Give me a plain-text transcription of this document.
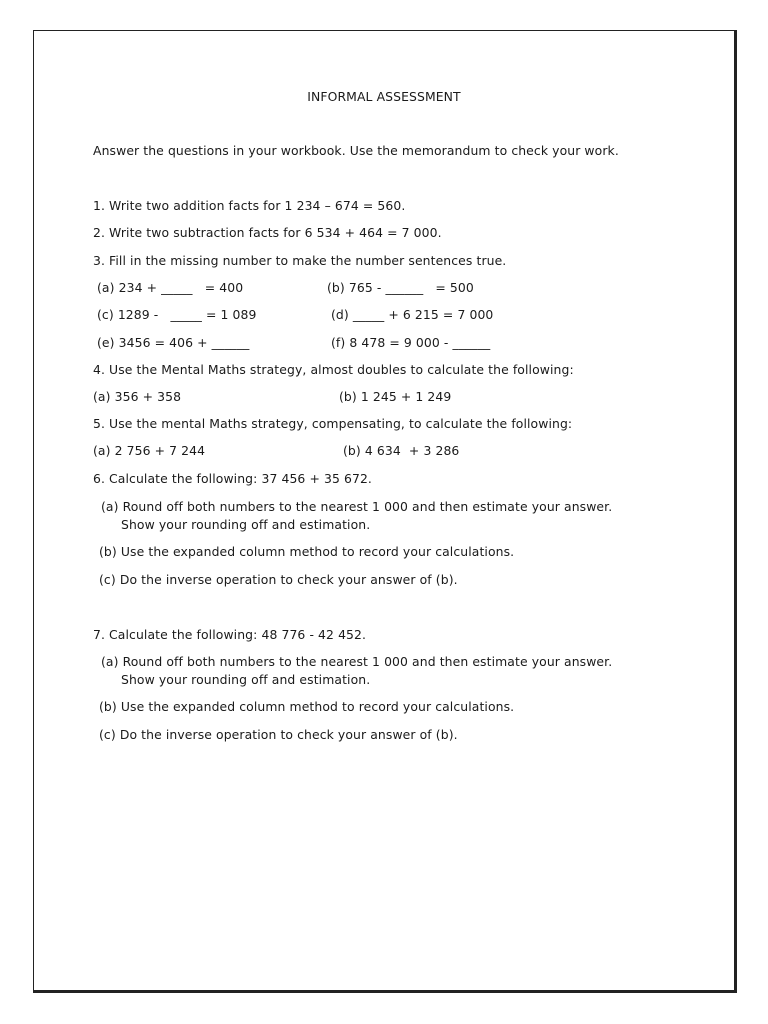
INFORMAL ASSESSMENT
Answer the questions in your workbook. Use the memorandum to check your work.
1. Write two addition facts for 1 234 – 674 = 560.
2. Write two subtraction facts for 6 534 + 464 = 7 000.
3. Fill in the missing number to make the number sentences true.
(a) 234 + _____   = 400	(b) 765 - ______   = 500
(c) 1289 -   _____ = 1 089	(d) _____ + 6 215 = 7 000
(e) 3456 = 406 + ______	(f) 8 478 = 9 000 - ______
4. Use the Mental Maths strategy, almost doubles to calculate the following:
(a) 356 + 358	(b) 1 245 + 1 249
5. Use the mental Maths strategy, compensating, to calculate the following:
(a) 2 756 + 7 244	(b) 4 634  + 3 286
6. Calculate the following: 37 456 + 35 672.
(a) Round off both numbers to the nearest 1 000 and then estimate your answer.
Show your rounding off and estimation.
(b) Use the expanded column method to record your calculations.
(c) Do the inverse operation to check your answer of (b).
7. Calculate the following: 48 776 - 42 452.
(a) Round off both numbers to the nearest 1 000 and then estimate your answer.
Show your rounding off and estimation.
(b) Use the expanded column method to record your calculations.
(c) Do the inverse operation to check your answer of (b).
